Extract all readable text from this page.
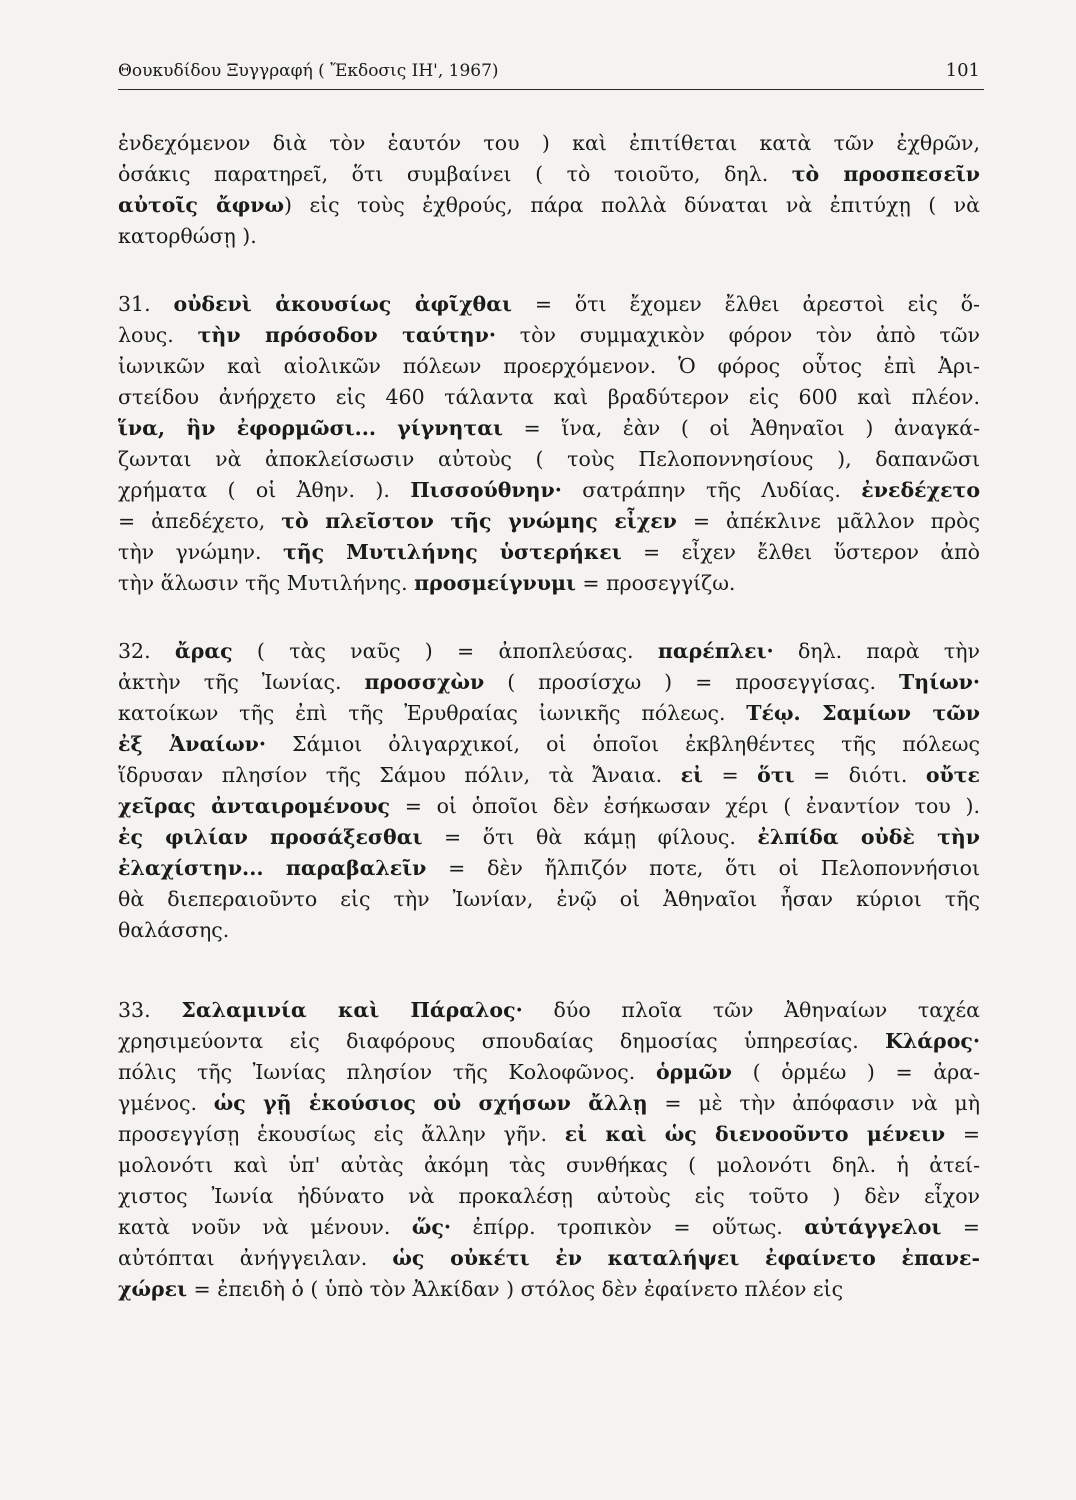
Θουκυδίδου Ξυγγραφή ( Ἔκδοσις ΙΗ', 1967)	101
ἐνδεχόμενον διὰ τὸν ἑαυτόν του ) καὶ ἐπιτίθεται κατὰ τῶν ἐχθρῶν,
ὁσάκις παρατηρεῖ, ὅτι συμβαίνει ( τὸ τοιοῦτο, δηλ. τὸ προσπεσεῖν
αὐτοῖς ἄφνω) εἰς τοὺς ἐχθρούς, πάρα πολλὰ δύναται νὰ ἐπιτύχῃ ( νὰ
κατορθώσῃ ).
31. οὐδενὶ ἀκουσίως ἀφῖχθαι = ὅτι ἔχομεν ἔλθει ἀρεστοὶ εἰς ὅ-
λους. τὴν πρόσοδον ταύτην· τὸν συμμαχικὸν φόρον τὸν ἀπὸ τῶν
ἰωνικῶν καὶ αἰολικῶν πόλεων προερχόμενον. Ὁ φόρος οὗτος ἐπὶ Ἀρι-
στείδου ἀνήρχετο εἰς 460 τάλαντα καὶ βραδύτερον εἰς 600 καὶ πλέον.
ἵνα, ἣν ἐφορμῶσι... γίγνηται = ἵνα, ἐὰν ( οἱ Ἀθηναῖοι ) ἀναγκά-
ζωνται νὰ ἀποκλείσωσιν αὐτοὺς ( τοὺς Πελοποννησίους ), δαπανῶσι
χρήματα ( οἱ Ἀθην. ). Πισσούθνην· σατράπην τῆς Λυδίας. ἐνεδέχετο
= ἀπεδέχετο, τὸ πλεῖστον τῆς γνώμης εἶχεν = ἀπέκλινε μᾶλλον πρὸς
τὴν γνώμην. τῆς Μυτιλήνης ὑστερήκει = εἶχεν ἔλθει ὕστερον ἀπὸ
τὴν ἅλωσιν τῆς Μυτιλήνης. προσμείγνυμι = προσεγγίζω.
32. ἄρας ( τὰς ναῦς ) = ἀποπλεύσας. παρέπλει· δηλ. παρὰ τὴν
ἀκτὴν τῆς Ἰωνίας. προσσχὼν ( προσίσχω ) = προσεγγίσας. Τηίων·
κατοίκων τῆς ἐπὶ τῆς Ἐρυθραίας ἰωνικῆς πόλεως. Τέῳ. Σαμίων τῶν
ἐξ Ἀναίων· Σάμιοι ὀλιγαρχικοί, οἱ ὁποῖοι ἐκβληθέντες τῆς πόλεως
ἵδρυσαν πλησίον τῆς Σάμου πόλιν, τὰ Ἄναια. εἰ = ὅτι = διότι. οὔτε
χεῖρας ἀνταιρομένους = οἱ ὁποῖοι δὲν ἐσήκωσαν χέρι ( ἐναντίον του ).
ἐς φιλίαν προσάξεσθαι = ὅτι θὰ κάμῃ φίλους. ἐλπίδα οὐδὲ τὴν
ἐλαχίστην... παραβαλεῖν = δὲν ἤλπιζόν ποτε, ὅτι οἱ Πελοποννήσιοι
θὰ διεπεραιοῦντο εἰς τὴν Ἰωνίαν, ἐνῷ οἱ Ἀθηναῖοι ἦσαν κύριοι τῆς
θαλάσσης.
33. Σαλαμινία καὶ Πάραλος· δύο πλοῖα τῶν Ἀθηναίων ταχέα
χρησιμεύοντα εἰς διαφόρους σπουδαίας δημοσίας ὑπηρεσίας. Κλάρος·
πόλις τῆς Ἰωνίας πλησίον τῆς Κολοφῶνος. ὁρμῶν ( ὁρμέω ) = ἀρα-
γμένος. ὡς γῇ ἑκούσιος οὐ σχήσων ἄλλῃ = μὲ τὴν ἀπόφασιν νὰ μὴ
προσεγγίσῃ ἑκουσίως εἰς ἄλλην γῆν. εἰ καὶ ὡς διενοοῦντο μένειν =
μολονότι καὶ ὑπ' αὐτὰς ἀκόμη τὰς συνθήκας ( μολονότι δηλ. ἡ ἀτεί-
χιστος Ἰωνία ἠδύνατο νὰ προκαλέσῃ αὐτοὺς εἰς τοῦτο ) δὲν εἶχον
κατὰ νοῦν νὰ μένουν. ὥς· ἐπίρρ. τροπικὸν = οὕτως. αὐτάγγελοι =
αὐτόπται ἀνήγγειλαν. ὡς οὐκέτι ἐν καταλήψει ἐφαίνετο ἐπανε-
χώρει = ἐπειδὴ ὁ ( ὑπὸ τὸν Ἀλκίδαν ) στόλος δὲν ἐφαίνετο πλέον εἰς
